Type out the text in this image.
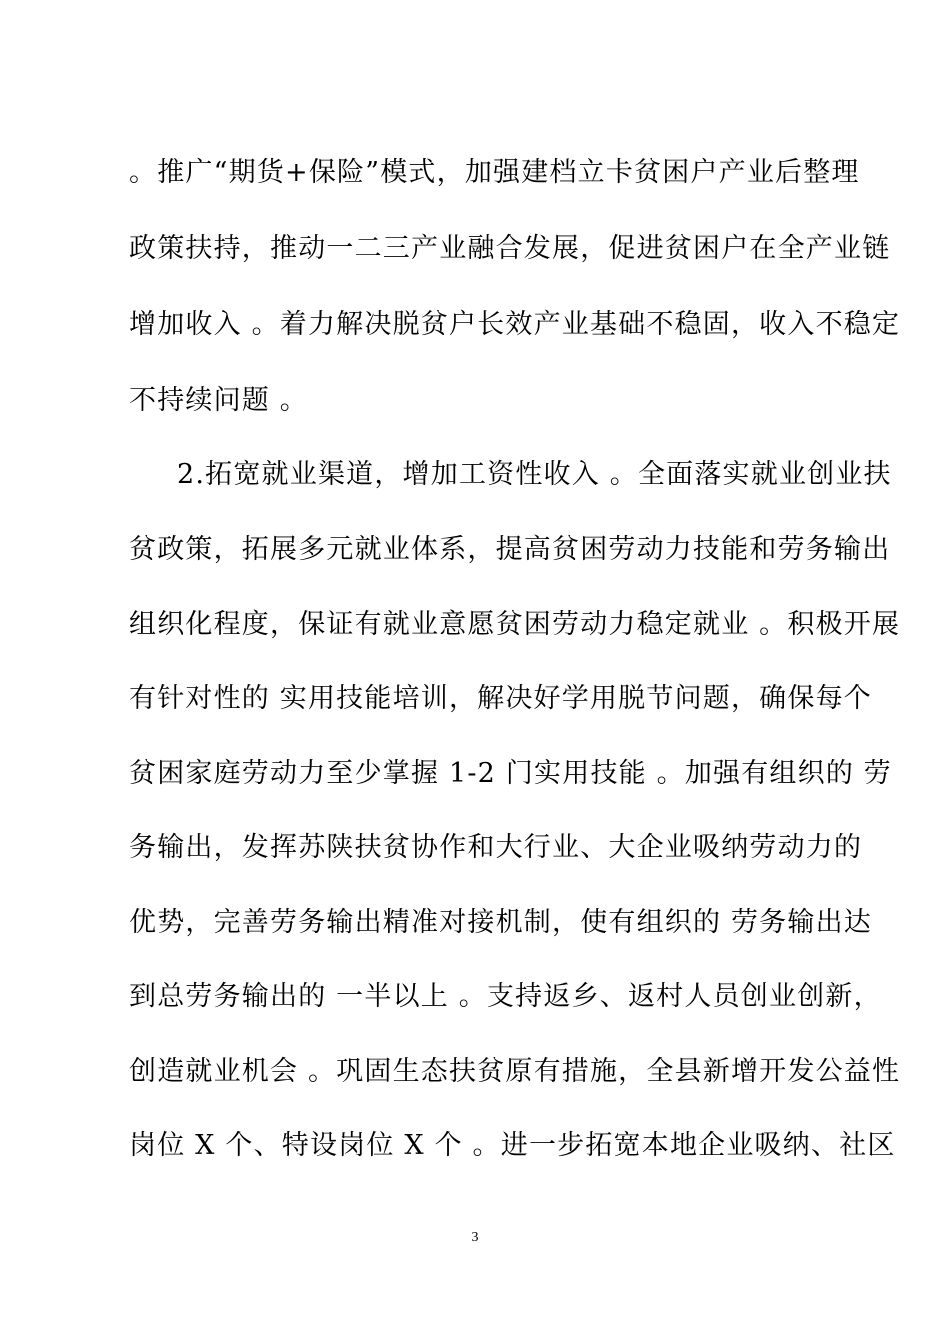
。推广“期货+保险”模式，加强建档立卡贫困户产业后整理
政策扶持，推动一二三产业融合发展，促进贫困户在全产业链
增加收入 。着力解决脱贫户长效产业基础不稳固，收入不稳定
不持续问题 。
2.拓宽就业渠道，增加工资性收入 。全面落实就业创业扶
贫政策，拓展多元就业体系，提高贫困劳动力技能和劳务输出
组织化程度，保证有就业意愿贫困劳动力稳定就业 。积极开展
有针对性的 实用技能培训，解决好学用脱节问题，确保每个
贫困家庭劳动力至少掌握 1-2 门实用技能 。加强有组织的 劳
务输出，发挥苏陕扶贫协作和大行业、大企业吸纳劳动力的
优势，完善劳务输出精准对接机制，使有组织的 劳务输出达
到总劳务输出的 一半以上 。支持返乡、返村人员创业创新，
创造就业机会 。巩固生态扶贫原有措施，全县新增开发公益性
岗位 X 个、特设岗位 X 个 。进一步拓宽本地企业吸纳、社区
3
